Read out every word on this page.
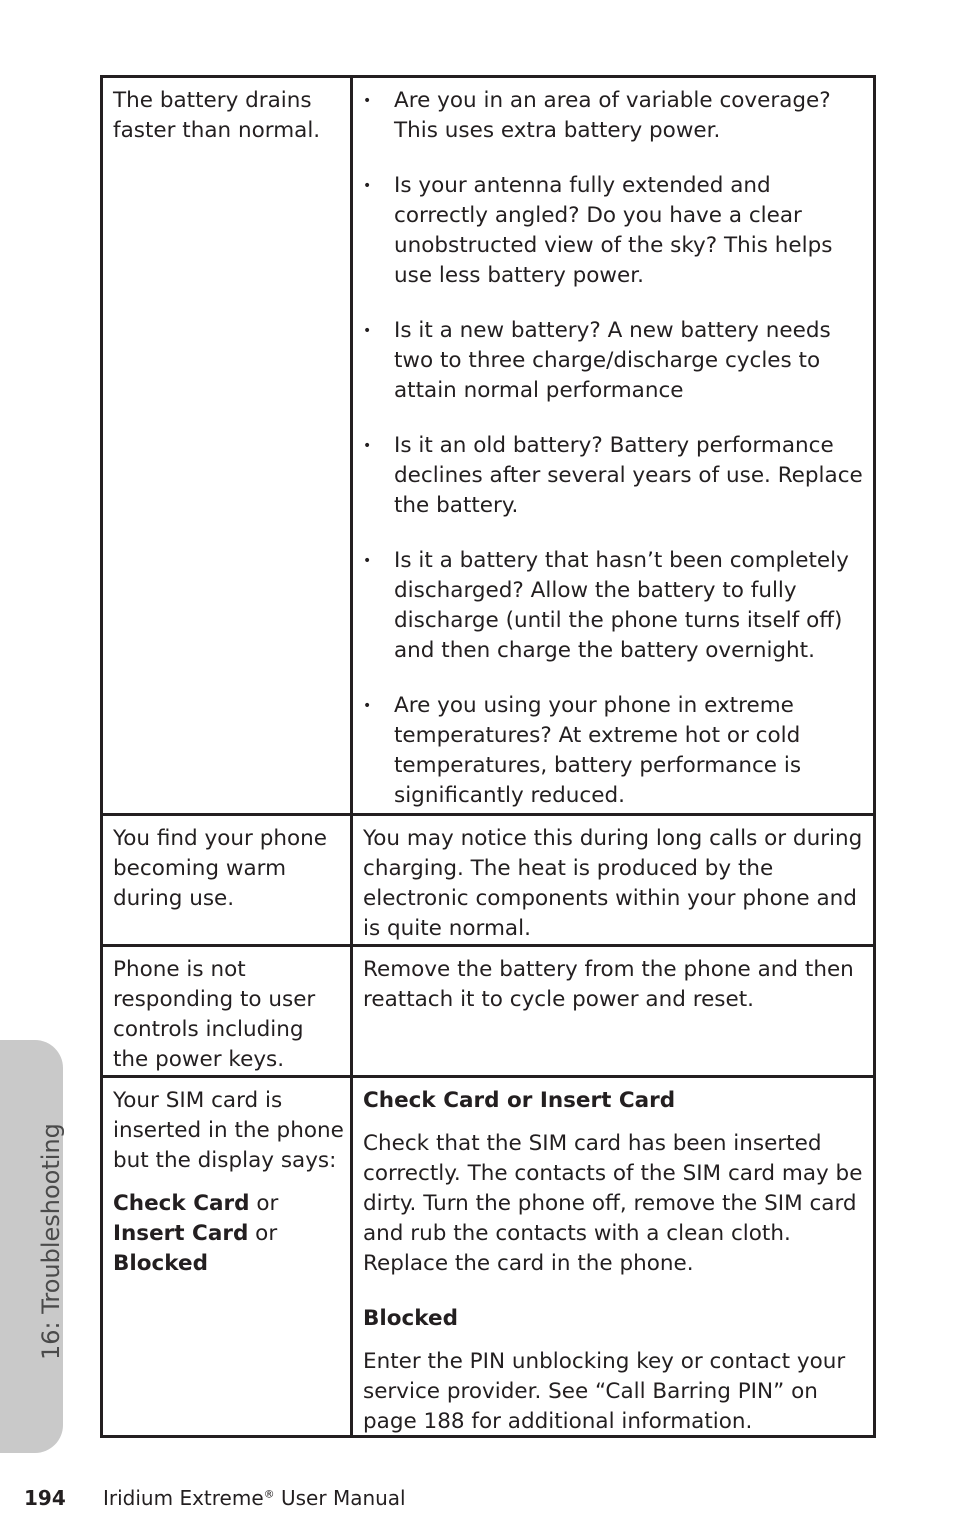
The battery drains faster than normal.

• Are you in an area of variable coverage? This uses extra battery power.
• Is your antenna fully extended and correctly angled? Do you have a clear unobstructed view of the sky? This helps use less battery power.
• Is it a new battery? A new battery needs two to three charge/discharge cycles to attain normal performance
• Is it an old battery? Battery performance declines after several years of use. Replace the battery.
• Is it a battery that hasn’t been completely discharged? Allow the battery to fully discharge (until the phone turns itself off) and then charge the battery overnight.
• Are you using your phone in extreme temperatures? At extreme hot or cold temperatures, battery performance is significantly reduced.

You find your phone becoming warm during use.

You may notice this during long calls or during charging. The heat is produced by the electronic components within your phone and is quite normal.

Phone is not responding to user controls including the power keys.

Remove the battery from the phone and then reattach it to cycle power and reset.

Your SIM card is inserted in the phone but the display says:

Check Card or
Insert Card or
Blocked

Check Card or Insert Card

Check that the SIM card has been inserted correctly. The contacts of the SIM card may be dirty. Turn the phone off, remove the SIM card and rub the contacts with a clean cloth. Replace the card in the phone.

Blocked

Enter the PIN unblocking key or contact your service provider. See “Call Barring PIN” on page 188 for additional information.

16: Troubleshooting
194 Iridium Extreme® User Manual
